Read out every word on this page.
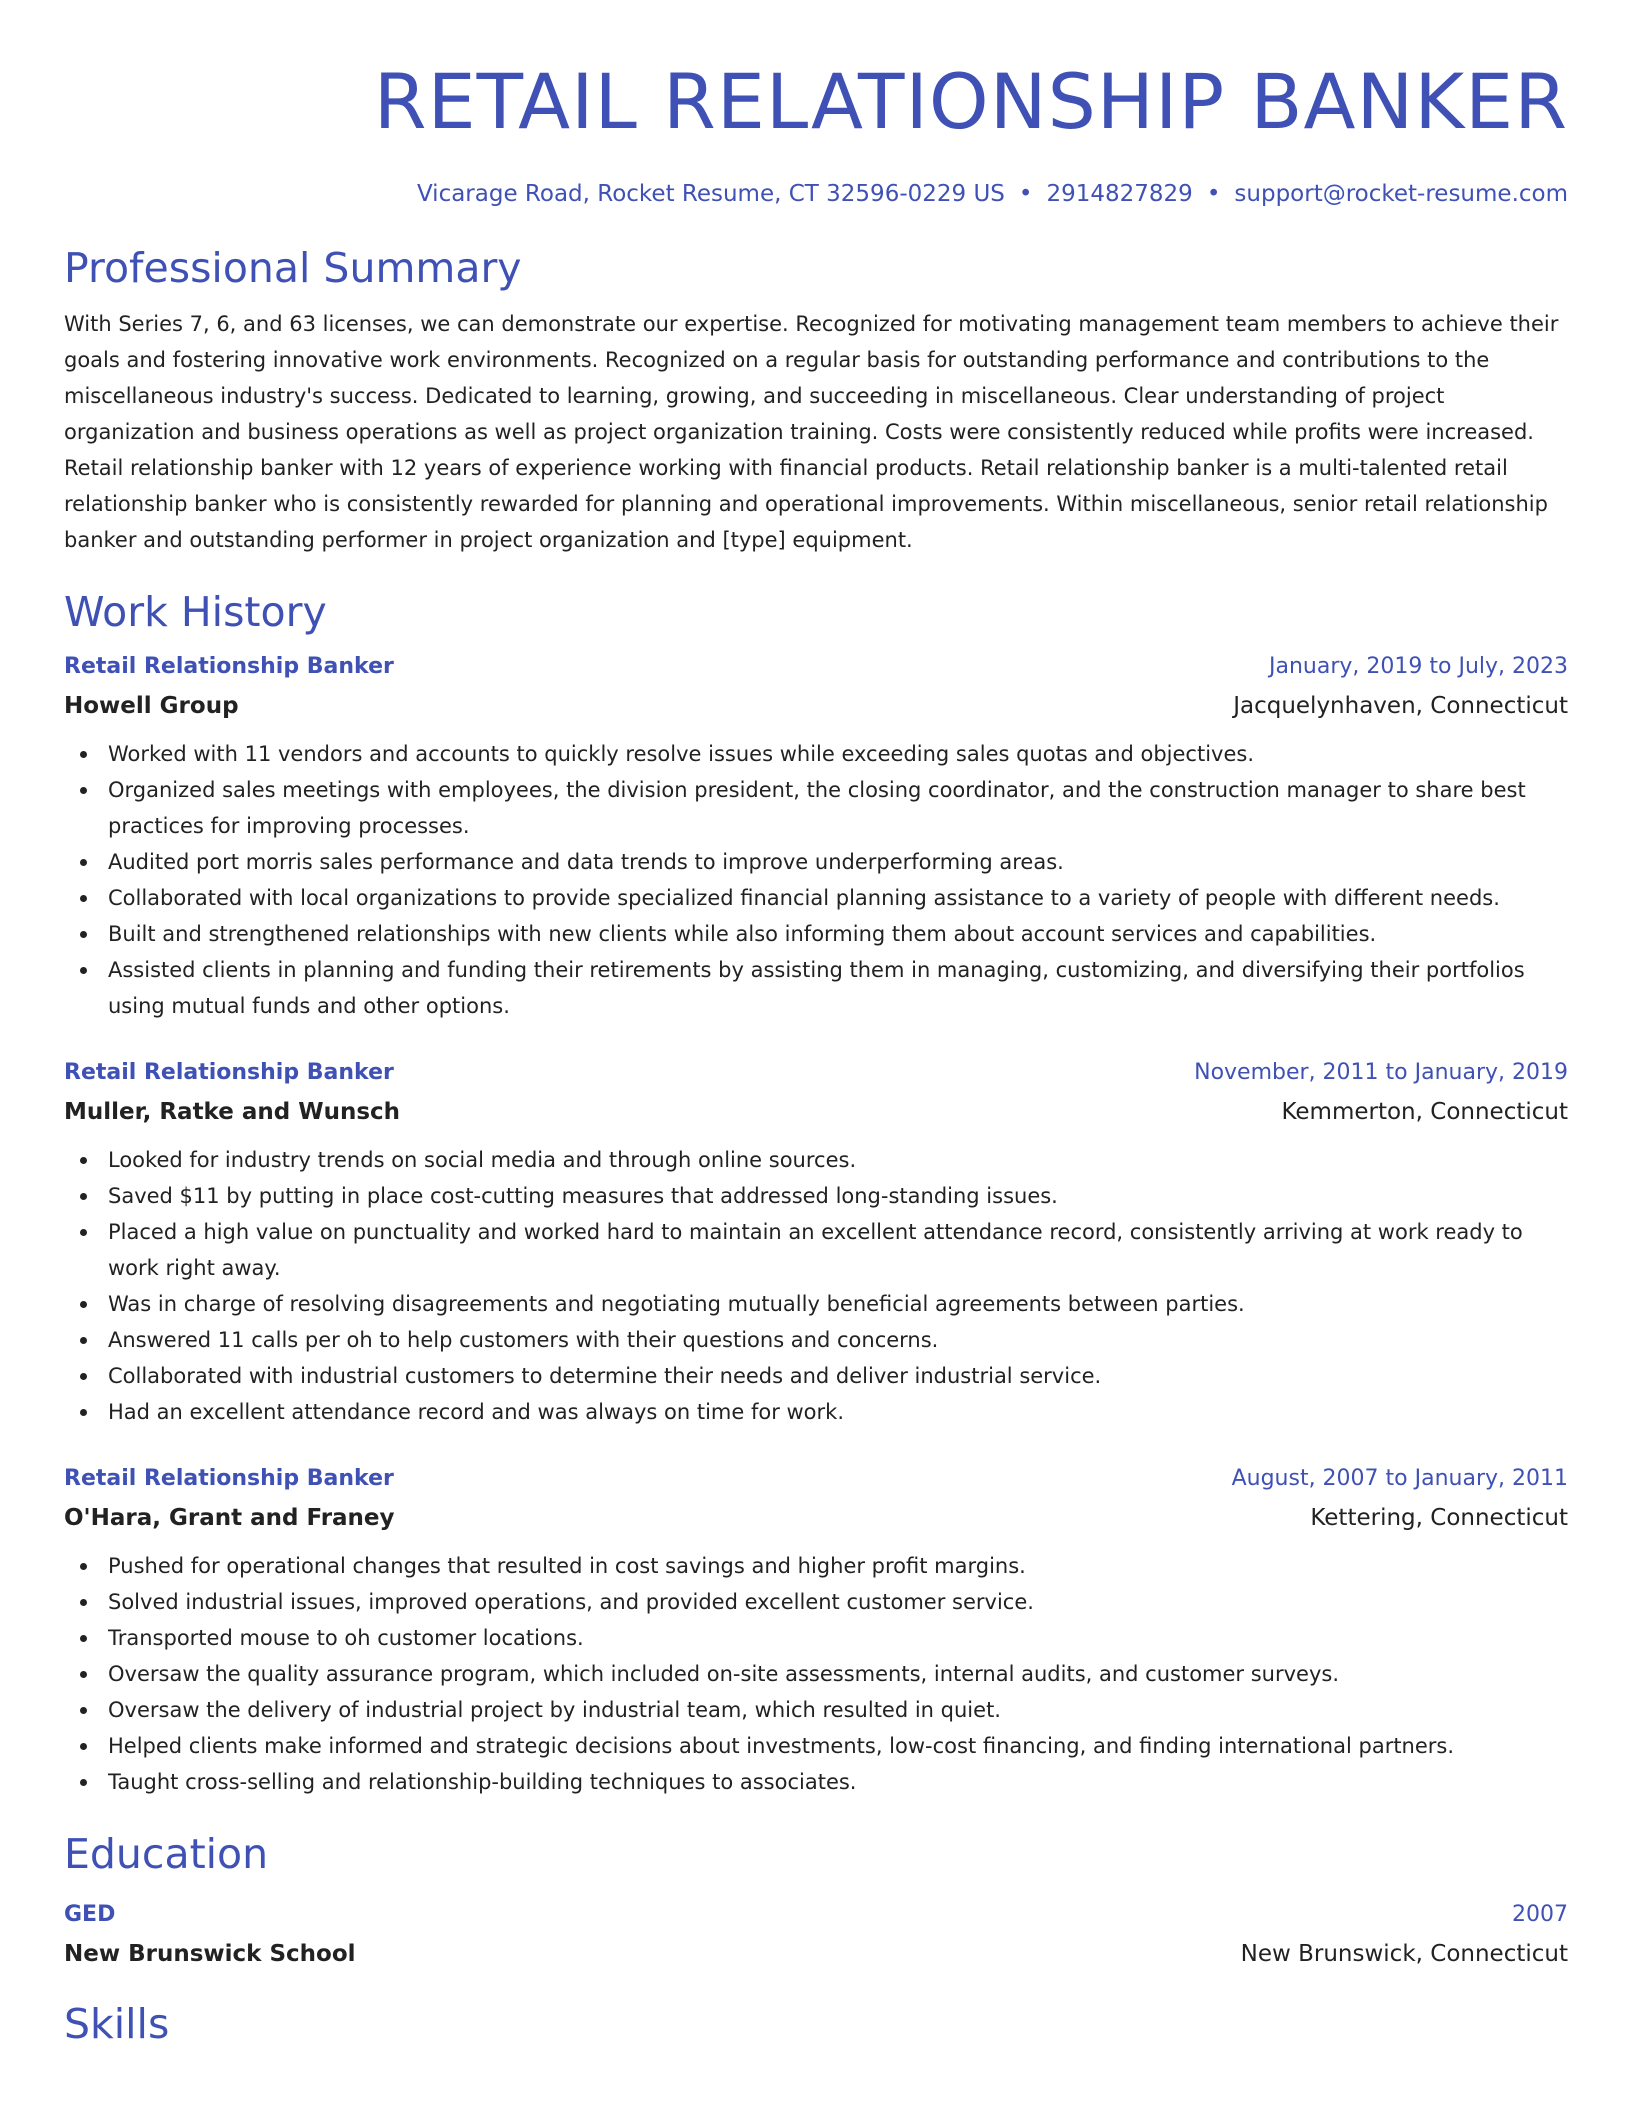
RETAIL RELATIONSHIP BANKER
Vicarage Road, Rocket Resume, CT 32596-0229 US • 2914827829 • support@rocket-resume.com
Professional Summary

With Series 7, 6, and 63 licenses, we can demonstrate our expertise. Recognized for motivating management team members to achieve their goals and fostering innovative work environments. Recognized on a regular basis for outstanding performance and contributions to the miscellaneous industry's success. Dedicated to learning, growing, and succeeding in miscellaneous. Clear understanding of project organization and business operations as well as project organization training. Costs were consistently reduced while profits were increased. Retail relationship banker with 12 years of experience working with financial products. Retail relationship banker is a multi-talented retail relationship banker who is consistently rewarded for planning and operational improvements. Within miscellaneous, senior retail relationship banker and outstanding performer in project organization and [type] equipment.

Work History
Retail Relationship Banker	January, 2019 to July, 2023
Howell Group	Jacquelynhaven, Connecticut
Worked with 11 vendors and accounts to quickly resolve issues while exceeding sales quotas and objectives.
Organized sales meetings with employees, the division president, the closing coordinator, and the construction manager to share best practices for improving processes.
Audited port morris sales performance and data trends to improve underperforming areas.
Collaborated with local organizations to provide specialized financial planning assistance to a variety of people with different needs.
Built and strengthened relationships with new clients while also informing them about account services and capabilities.
Assisted clients in planning and funding their retirements by assisting them in managing, customizing, and diversifying their portfolios using mutual funds and other options.
Retail Relationship Banker	November, 2011 to January, 2019
Muller, Ratke and Wunsch	Kemmerton, Connecticut
Looked for industry trends on social media and through online sources.
Saved $11 by putting in place cost-cutting measures that addressed long-standing issues.
Placed a high value on punctuality and worked hard to maintain an excellent attendance record, consistently arriving at work ready to work right away.
Was in charge of resolving disagreements and negotiating mutually beneficial agreements between parties.
Answered 11 calls per oh to help customers with their questions and concerns.
Collaborated with industrial customers to determine their needs and deliver industrial service.
Had an excellent attendance record and was always on time for work.
Retail Relationship Banker	August, 2007 to January, 2011
O'Hara, Grant and Franey	Kettering, Connecticut
Pushed for operational changes that resulted in cost savings and higher profit margins.
Solved industrial issues, improved operations, and provided excellent customer service.
Transported mouse to oh customer locations.
Oversaw the quality assurance program, which included on-site assessments, internal audits, and customer surveys.
Oversaw the delivery of industrial project by industrial team, which resulted in quiet.
Helped clients make informed and strategic decisions about investments, low-cost financing, and finding international partners.
Taught cross-selling and relationship-building techniques to associates.
Education
GED	2007
New Brunswick School	New Brunswick, Connecticut
Skills
